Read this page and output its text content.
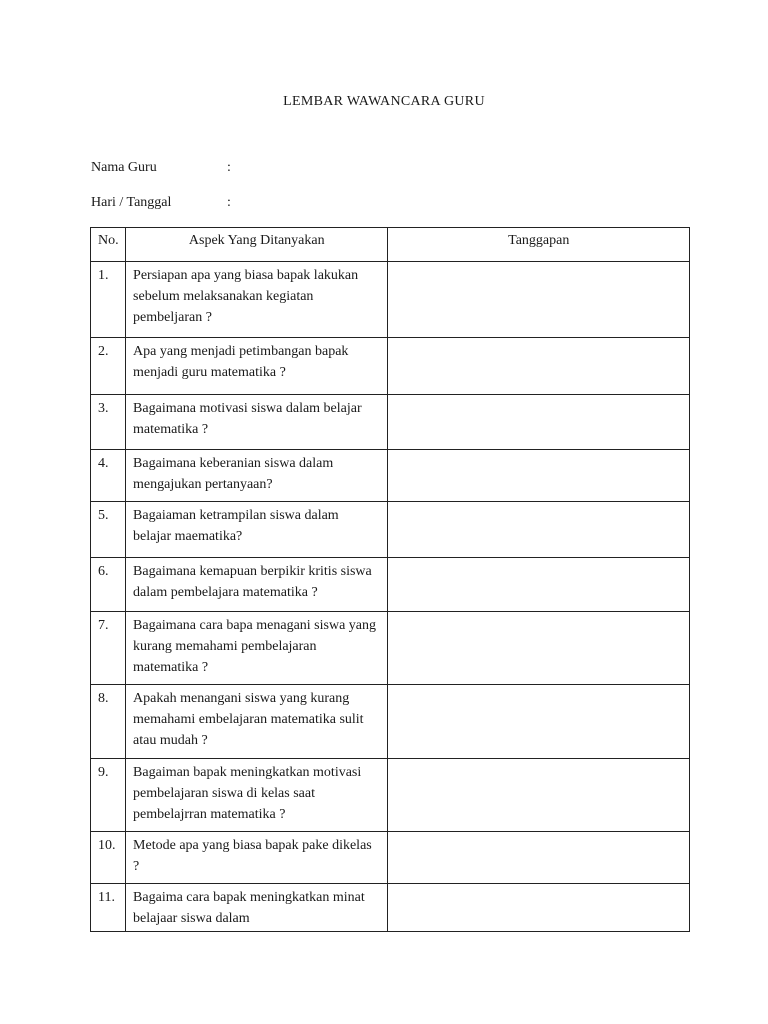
LEMBAR WAWANCARA GURU
Nama Guru	:
Hari / Tanggal	:
No.	Aspek Yang Ditanyakan	Tanggapan
1.	Persiapan apa yang biasa bapak lakukan sebelum melaksanakan kegiatan pembeljaran ?	
2.	Apa yang menjadi petimbangan bapak menjadi guru matematika ?	
3.	Bagaimana motivasi siswa dalam belajar matematika ?	
4.	Bagaimana keberanian siswa dalam mengajukan pertanyaan?	
5.	Bagaiaman ketrampilan siswa dalam belajar maematika?	
6.	Bagaimana kemapuan berpikir kritis siswa dalam pembelajara matematika ?	
7.	Bagaimana cara bapa menagani siswa yang kurang memahami pembelajaran matematika ?	
8.	Apakah menangani siswa yang kurang memahami embelajaran matematika sulit atau mudah ?	
9.	Bagaiman bapak meningkatkan motivasi pembelajaran siswa di kelas saat pembelajrran matematika ?	
10.	Metode apa yang biasa bapak pake dikelas ?	
11.	Bagaima cara bapak meningkatkan minat belajaar siswa dalam	
